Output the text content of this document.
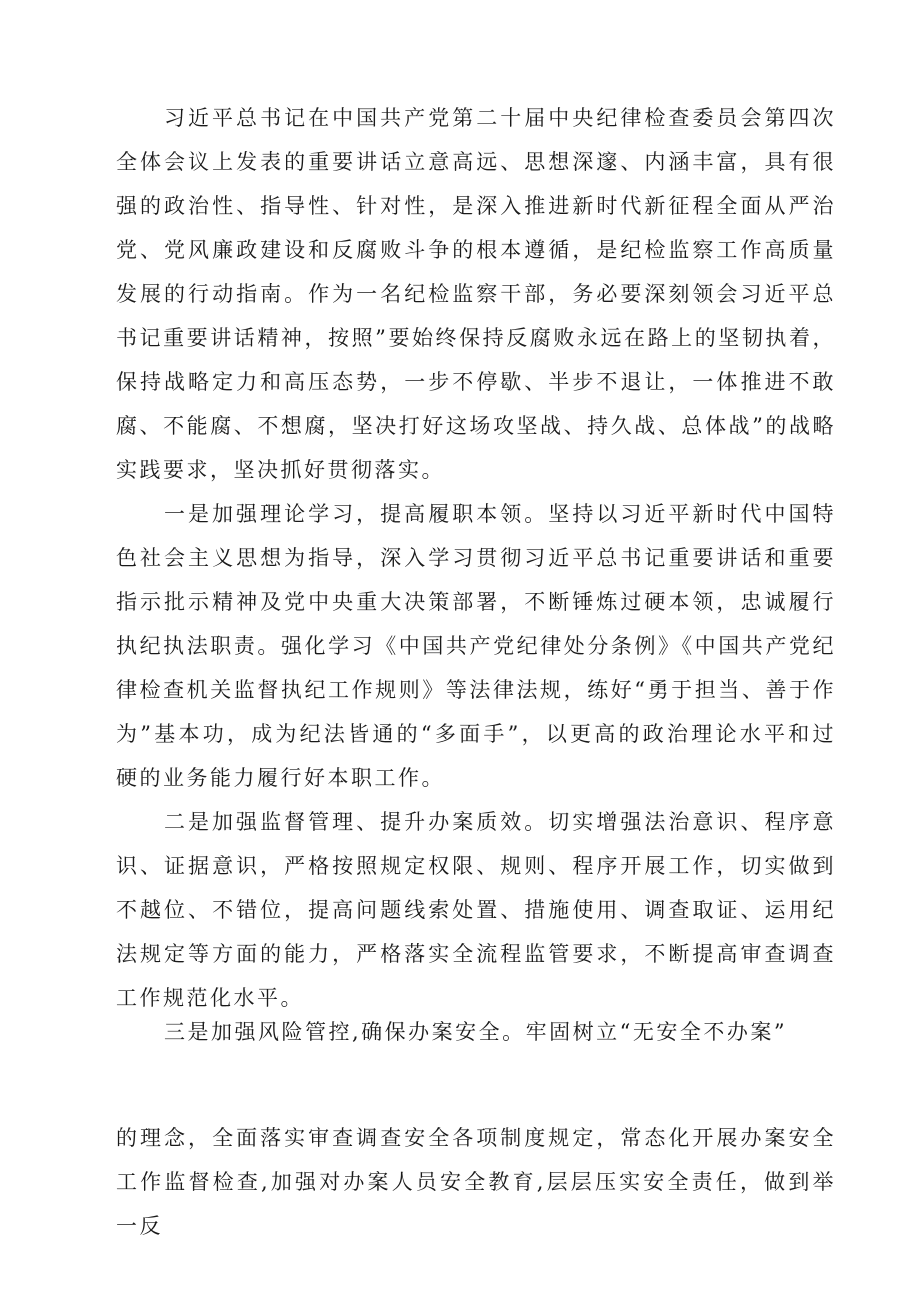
习近平总书记在中国共产党第二十届中央纪律检查委员会第四次全体会议上发表的重要讲话立意高远、思想深邃、内涵丰富，具有很强的政治性、指导性、针对性，是深入推进新时代新征程全面从严治党、党风廉政建设和反腐败斗争的根本遵循，是纪检监察工作高质量发展的行动指南。作为一名纪检监察干部，务必要深刻领会习近平总书记重要讲话精神，按照”要始终保持反腐败永远在路上的坚韧执着，保持战略定力和高压态势，一步不停歇、半步不退让，一体推进不敢腐、不能腐、不想腐，坚决打好这场攻坚战、持久战、总体战”的战略实践要求，坚决抓好贯彻落实。

一是加强理论学习，提高履职本领。坚持以习近平新时代中国特色社会主义思想为指导，深入学习贯彻习近平总书记重要讲话和重要指示批示精神及党中央重大决策部署，不断锤炼过硬本领，忠诚履行执纪执法职责。强化学习《中国共产党纪律处分条例》《中国共产党纪律检查机关监督执纪工作规则》等法律法规，练好“勇于担当、善于作为”基本功，成为纪法皆通的“多面手”，以更高的政治理论水平和过硬的业务能力履行好本职工作。

二是加强监督管理、提升办案质效。切实增强法治意识、程序意识、证据意识，严格按照规定权限、规则、程序开展工作，切实做到不越位、不错位，提高问题线索处置、措施使用、调查取证、运用纪法规定等方面的能力，严格落实全流程监管要求，不断提高审查调查工作规范化水平。

三是加强风险管控,确保办案安全。牢固树立“无安全不办案”

的理念，全面落实审查调查安全各项制度规定，常态化开展办案安全工作监督检查,加强对办案人员安全教育,层层压实安全责任，做到举一反
